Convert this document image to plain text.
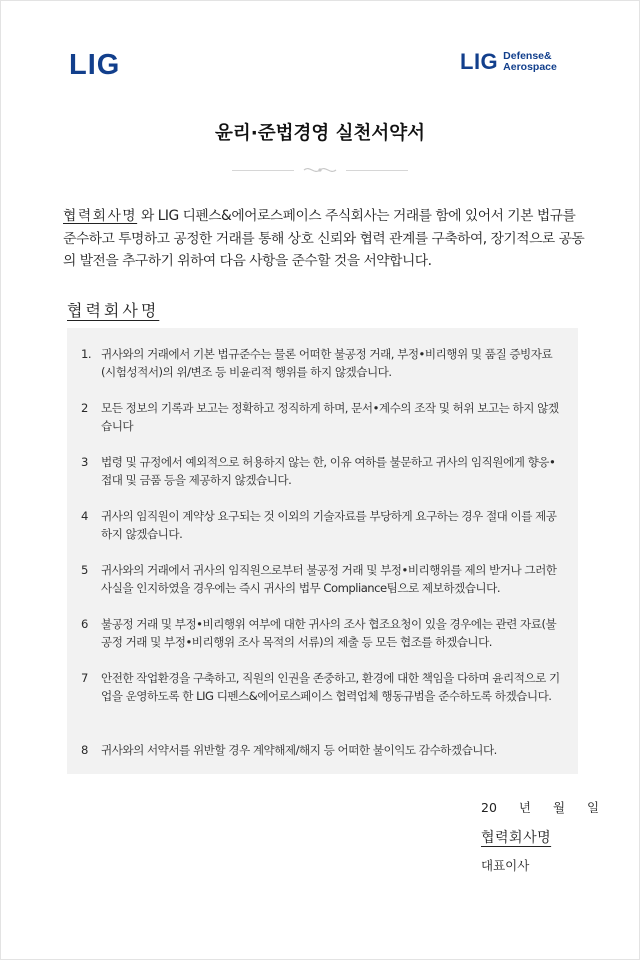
LIG	LIG Defense&
Aerospace
윤리·준법경영 실천서약서
협력회사명 와 LIG 디펜스&에어로스페이스 주식회사는 거래를 함에 있어서 기본 법규를 준수하고 투명하고 공정한 거래를 통해 상호 신뢰와 협력 관계를 구축하여, 장기적으로 공동의 발전을 추구하기 위하여 다음 사항을 준수할 것을 서약합니다.
협력회사명
1. 귀사와의 거래에서 기본 법규준수는 물론 어떠한 불공정 거래, 부정•비리행위 및 품질 증빙자료(시험성적서)의 위/변조 등 비윤리적 행위를 하지 않겠습니다.
2	모든 정보의 기록과 보고는 정확하고 정직하게 하며, 문서•계수의 조작 및 허위 보고는 하지 않겠습니다
3	법령 및 규정에서 예외적으로 허용하지 않는 한, 이유 여하를 불문하고 귀사의 임직원에게 향응• 접대 및 금품 등을 제공하지 않겠습니다.
4	귀사의 임직원이 계약상 요구되는 것 이외의 기술자료를 부당하게 요구하는 경우 절대 이를 제공하지 않겠습니다.
5	귀사와의 거래에서 귀사의 임직원으로부터 불공정 거래 및 부정•비리행위를 제의 받거나 그러한 사실을 인지하였을 경우에는 즉시 귀사의 법무 Compliance팀으로 제보하겠습니다.
6	불공정 거래 및 부정•비리행위 여부에 대한 귀사의 조사 협조요청이 있을 경우에는 관련 자료(불공정 거래 및 부정•비리행위 조사 목적의 서류)의 제출 등 모든 협조를 하겠습니다.
7	안전한 작업환경을 구축하고, 직원의 인권을 존중하고, 환경에 대한 책임을 다하며 윤리적으로 기업을 운영하도록 한 LIG 디펜스&에어로스페이스 협력업체 행동규범을 준수하도록 하겠습니다.
8	귀사와의 서약서를 위반할 경우 계약해제/해지 등 어떠한 불이익도 감수하겠습니다.
20 년 월 일
협력회사명
대표이사
